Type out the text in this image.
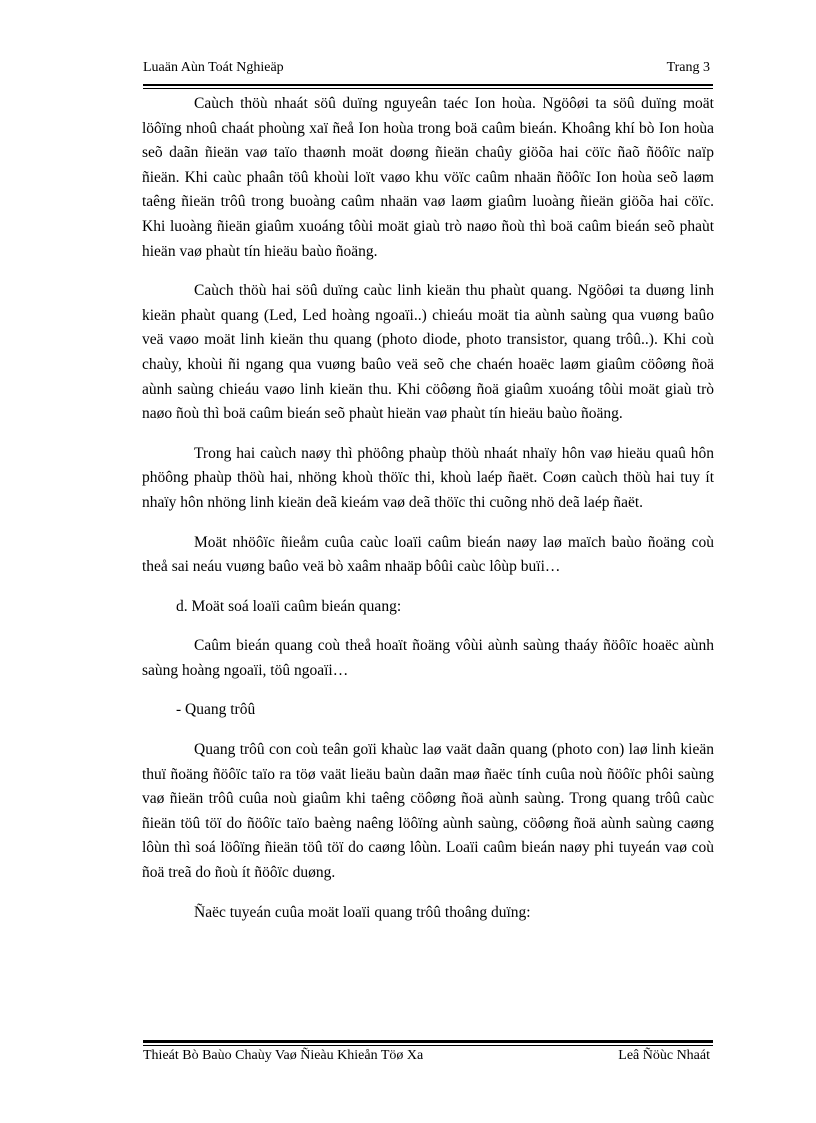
Luaän Aùn Toát Nghieäp	Trang 3

Caùch thöù nhaát söû duïng nguyeân taéc Ion hoùa. Ngöôøi ta söû duïng moät löôïng nhoû chaát phoùng xaï ñeå Ion hoùa trong boä caûm bieán. Khoâng khí bò Ion hoùa seõ daãn ñieän vaø taïo thaønh moät doøng ñieän chaûy giöõa hai cöïc ñaõ ñöôïc naïp ñieän. Khi caùc phaân töû khoùi loït vaøo khu vöïc caûm nhaän ñöôïc Ion hoùa seõ laøm taêng ñieän trôû trong buoàng caûm nhaän vaø laøm giaûm luoàng ñieän giöõa hai cöïc. Khi luoàng ñieän giaûm xuoáng tôùi moät giaù trò naøo ñoù thì boä caûm bieán seõ phaùt hieän vaø phaùt tín hieäu baùo ñoäng.

Caùch thöù hai söû duïng caùc linh kieän thu phaùt quang. Ngöôøi ta duøng linh kieän phaùt quang (Led, Led hoàng ngoaïi..) chieáu moät tia aùnh saùng qua vuøng baûo veä vaøo moät linh kieän thu quang (photo diode, photo transistor, quang trôû..). Khi coù chaùy, khoùi ñi ngang qua vuøng baûo veä seõ che chaén hoaëc laøm giaûm cöôøng ñoä aùnh saùng chieáu vaøo linh kieän thu. Khi cöôøng ñoä giaûm xuoáng tôùi moät giaù trò naøo ñoù thì boä caûm bieán seõ phaùt hieän vaø phaùt tín hieäu baùo ñoäng.

Trong hai caùch naøy thì phöông phaùp thöù nhaát nhaïy hôn vaø hieäu quaû hôn phöông phaùp thöù hai, nhöng khoù thöïc thi, khoù laép ñaët. Coøn caùch thöù hai tuy ít nhaïy hôn nhöng linh kieän deã kieám vaø deã thöïc thi cuõng nhö deã laép ñaët.

Moät nhöôïc ñieåm cuûa caùc loaïi caûm bieán naøy laø maïch baùo ñoäng coù theå sai neáu vuøng baûo veä bò xaâm nhaäp bôûi caùc lôùp buïi…

d. Moät soá loaïi caûm bieán quang:

Caûm bieán quang coù theå hoaït ñoäng vôùi aùnh saùng thaáy ñöôïc hoaëc aùnh saùng hoàng ngoaïi, töû ngoaïi…

- Quang trôû

Quang trôû con coù teân goïi khaùc laø vaät daãn quang (photo con) laø linh kieän thuï ñoäng ñöôïc taïo ra töø vaät lieäu baùn daãn maø ñaëc tính cuûa noù ñöôïc phôi saùng vaø ñieän trôû cuûa noù giaûm khi taêng cöôøng ñoä aùnh saùng. Trong quang trôû caùc ñieän töû töï do ñöôïc taïo baèng naêng löôïng aùnh saùng, cöôøng ñoä aùnh saùng caøng lôùn thì soá löôïng ñieän töû töï do caøng lôùn. Loaïi caûm bieán naøy phi tuyeán vaø coù ñoä treã do ñoù ít ñöôïc duøng.

Ñaëc tuyeán cuûa moät loaïi quang trôû thoâng duïng:

Thieát Bò Baùo Chaùy Vaø Ñieàu Khieån Töø Xa	Leâ Ñöùc Nhaát
